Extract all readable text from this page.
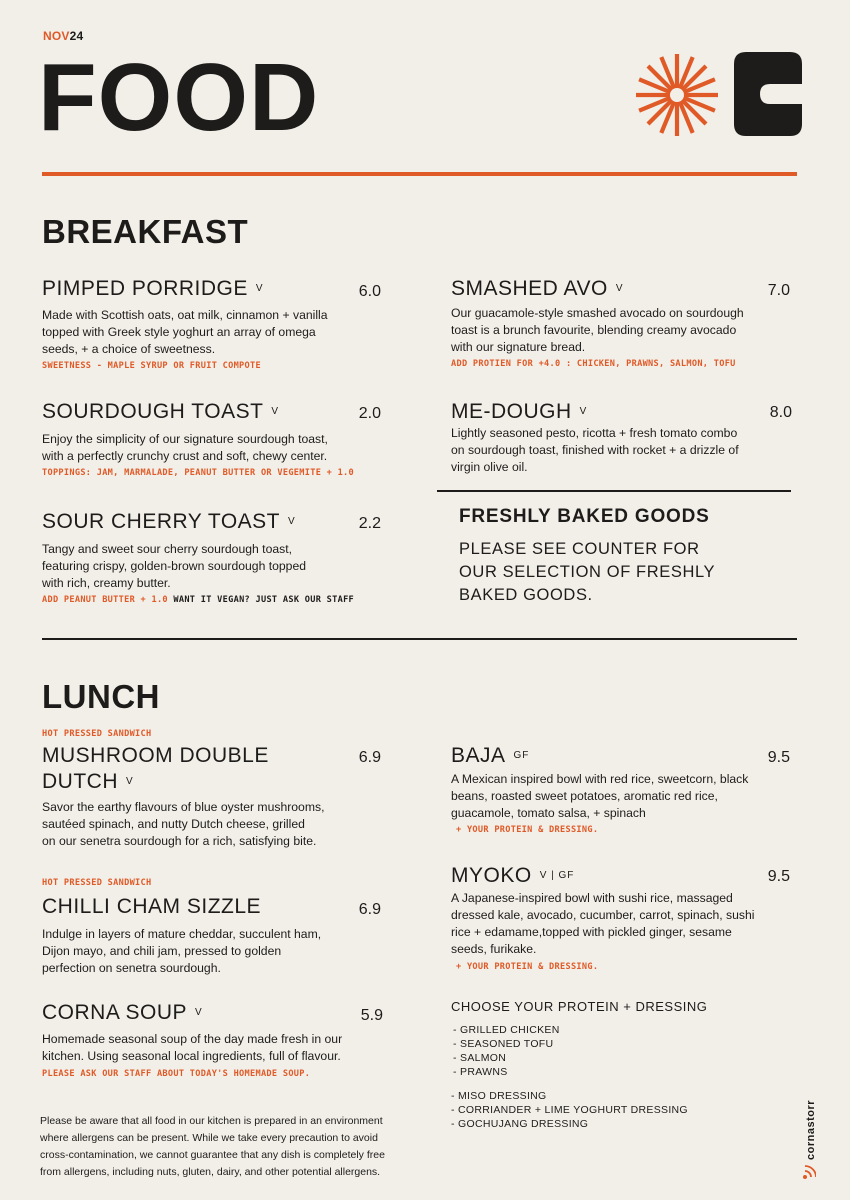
NOV24
FOOD
BREAKFAST
PIMPED PORRIDGE V	6.0
Made with Scottish oats, oat milk, cinnamon + vanilla
topped with Greek style yoghurt an array of omega
seeds, + a choice of sweetness.
SWEETNESS - MAPLE SYRUP OR FRUIT COMPOTE
SOURDOUGH TOAST V	2.0
Enjoy the simplicity of our signature sourdough toast,
with a perfectly crunchy crust and soft, chewy center.
TOPPINGS: JAM, MARMALADE, PEANUT BUTTER OR VEGEMITE + 1.0
SOUR CHERRY TOAST V	2.2
Tangy and sweet sour cherry sourdough toast,
featuring crispy, golden-brown sourdough topped
with rich, creamy butter.
ADD PEANUT BUTTER + 1.0 WANT IT VEGAN? JUST ASK OUR STAFF
SMASHED AVO V	7.0
Our guacamole-style smashed avocado on sourdough
toast is a brunch favourite, blending creamy avocado
with our signature bread.
ADD PROTIEN FOR +4.0 : CHICKEN, PRAWNS, SALMON, TOFU
ME-DOUGH V	8.0
Lightly seasoned pesto, ricotta + fresh tomato combo
on sourdough toast, finished with rocket + a drizzle of
virgin olive oil.
FRESHLY BAKED GOODS
PLEASE SEE COUNTER FOR
OUR SELECTION OF FRESHLY
BAKED GOODS.
LUNCH
HOT PRESSED SANDWICH
MUSHROOM DOUBLE
DUTCH V
6.9
Savor the earthy flavours of blue oyster mushrooms,
sautéed spinach, and nutty Dutch cheese, grilled
on our senetra sourdough for a rich, satisfying bite.
HOT PRESSED SANDWICH
CHILLI CHAM SIZZLE	6.9
Indulge in layers of mature cheddar, succulent ham,
Dijon mayo, and chili jam, pressed to golden
perfection on senetra sourdough.
CORNA SOUP V	5.9
Homemade seasonal soup of the day made fresh in our
kitchen. Using seasonal local ingredients, full of flavour.
PLEASE ASK OUR STAFF ABOUT TODAY'S HOMEMADE SOUP.
BAJA GF	9.5
A Mexican inspired bowl with red rice, sweetcorn, black
beans, roasted sweet potatoes, aromatic red rice,
guacamole, tomato salsa, + spinach
+ YOUR PROTEIN & DRESSING.
MYOKO V | GF	9.5
A Japanese-inspired bowl with sushi rice, massaged
dressed kale, avocado, cucumber, carrot, spinach, sushi
rice + edamame,topped with pickled ginger, sesame
seeds, furikake.
+ YOUR PROTEIN & DRESSING.
CHOOSE YOUR PROTEIN + DRESSING
- GRILLED CHICKEN
- SEASONED TOFU
- SALMON
- PRAWNS
- MISO DRESSING
- CORRIANDER + LIME YOGHURT DRESSING
- GOCHUJANG DRESSING
Please be aware that all food in our kitchen is prepared in an environment
where allergens can be present. While we take every precaution to avoid
cross-contamination, we cannot guarantee that any dish is completely free
from allergens, including nuts, gluten, dairy, and other potential allergens.
cornastorr
